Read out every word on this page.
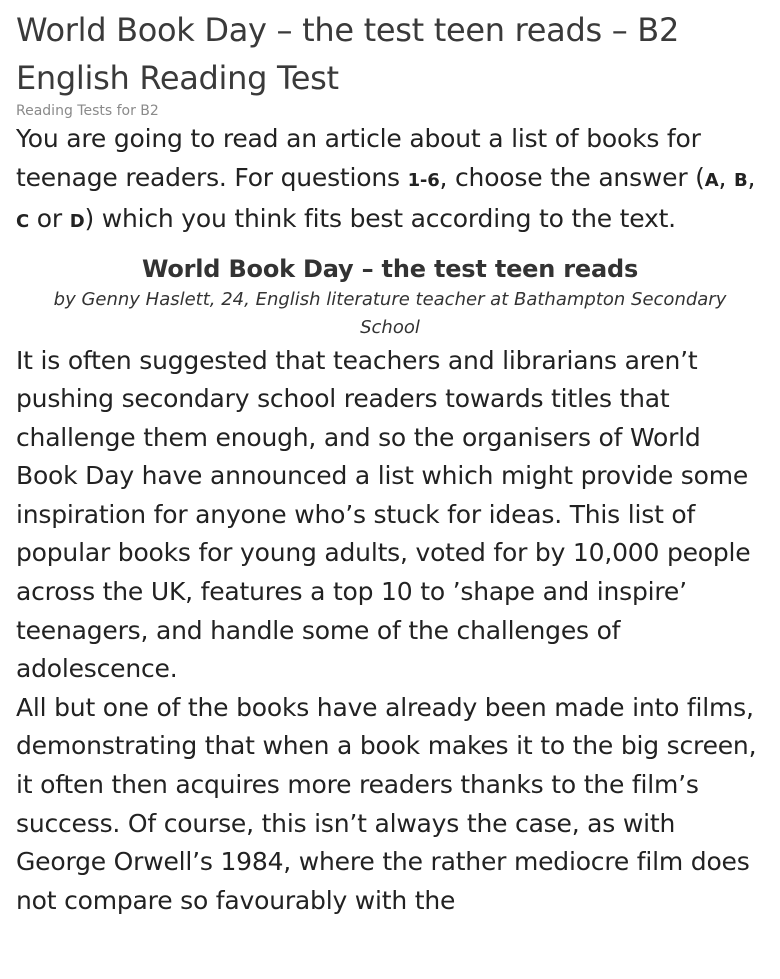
World Book Day – the test teen reads – B2 English Reading Test
Reading Tests for B2

You are going to read an article about a list of books for teenage readers. For questions 1-6, choose the answer (A, B, C or D) which you think fits best according to the text.

World Book Day – the test teen reads

by Genny Haslett, 24, English literature teacher at Bathampton Secondary School

It is often suggested that teachers and librarians aren’t pushing secondary school readers towards titles that challenge them enough, and so the organisers of World Book Day have announced a list which might provide some inspiration for anyone who’s stuck for ideas. This list of popular books for young adults, voted for by 10,000 people across the UK, features a top 10 to ’shape and inspire’ teenagers, and handle some of the challenges of adolescence.

All but one of the books have already been made into films, demonstrating that when a book makes it to the big screen, it often then acquires more readers thanks to the film’s success. Of course, this isn’t always the case, as with George Orwell’s 1984, where the rather mediocre film does not compare so favourably with the
